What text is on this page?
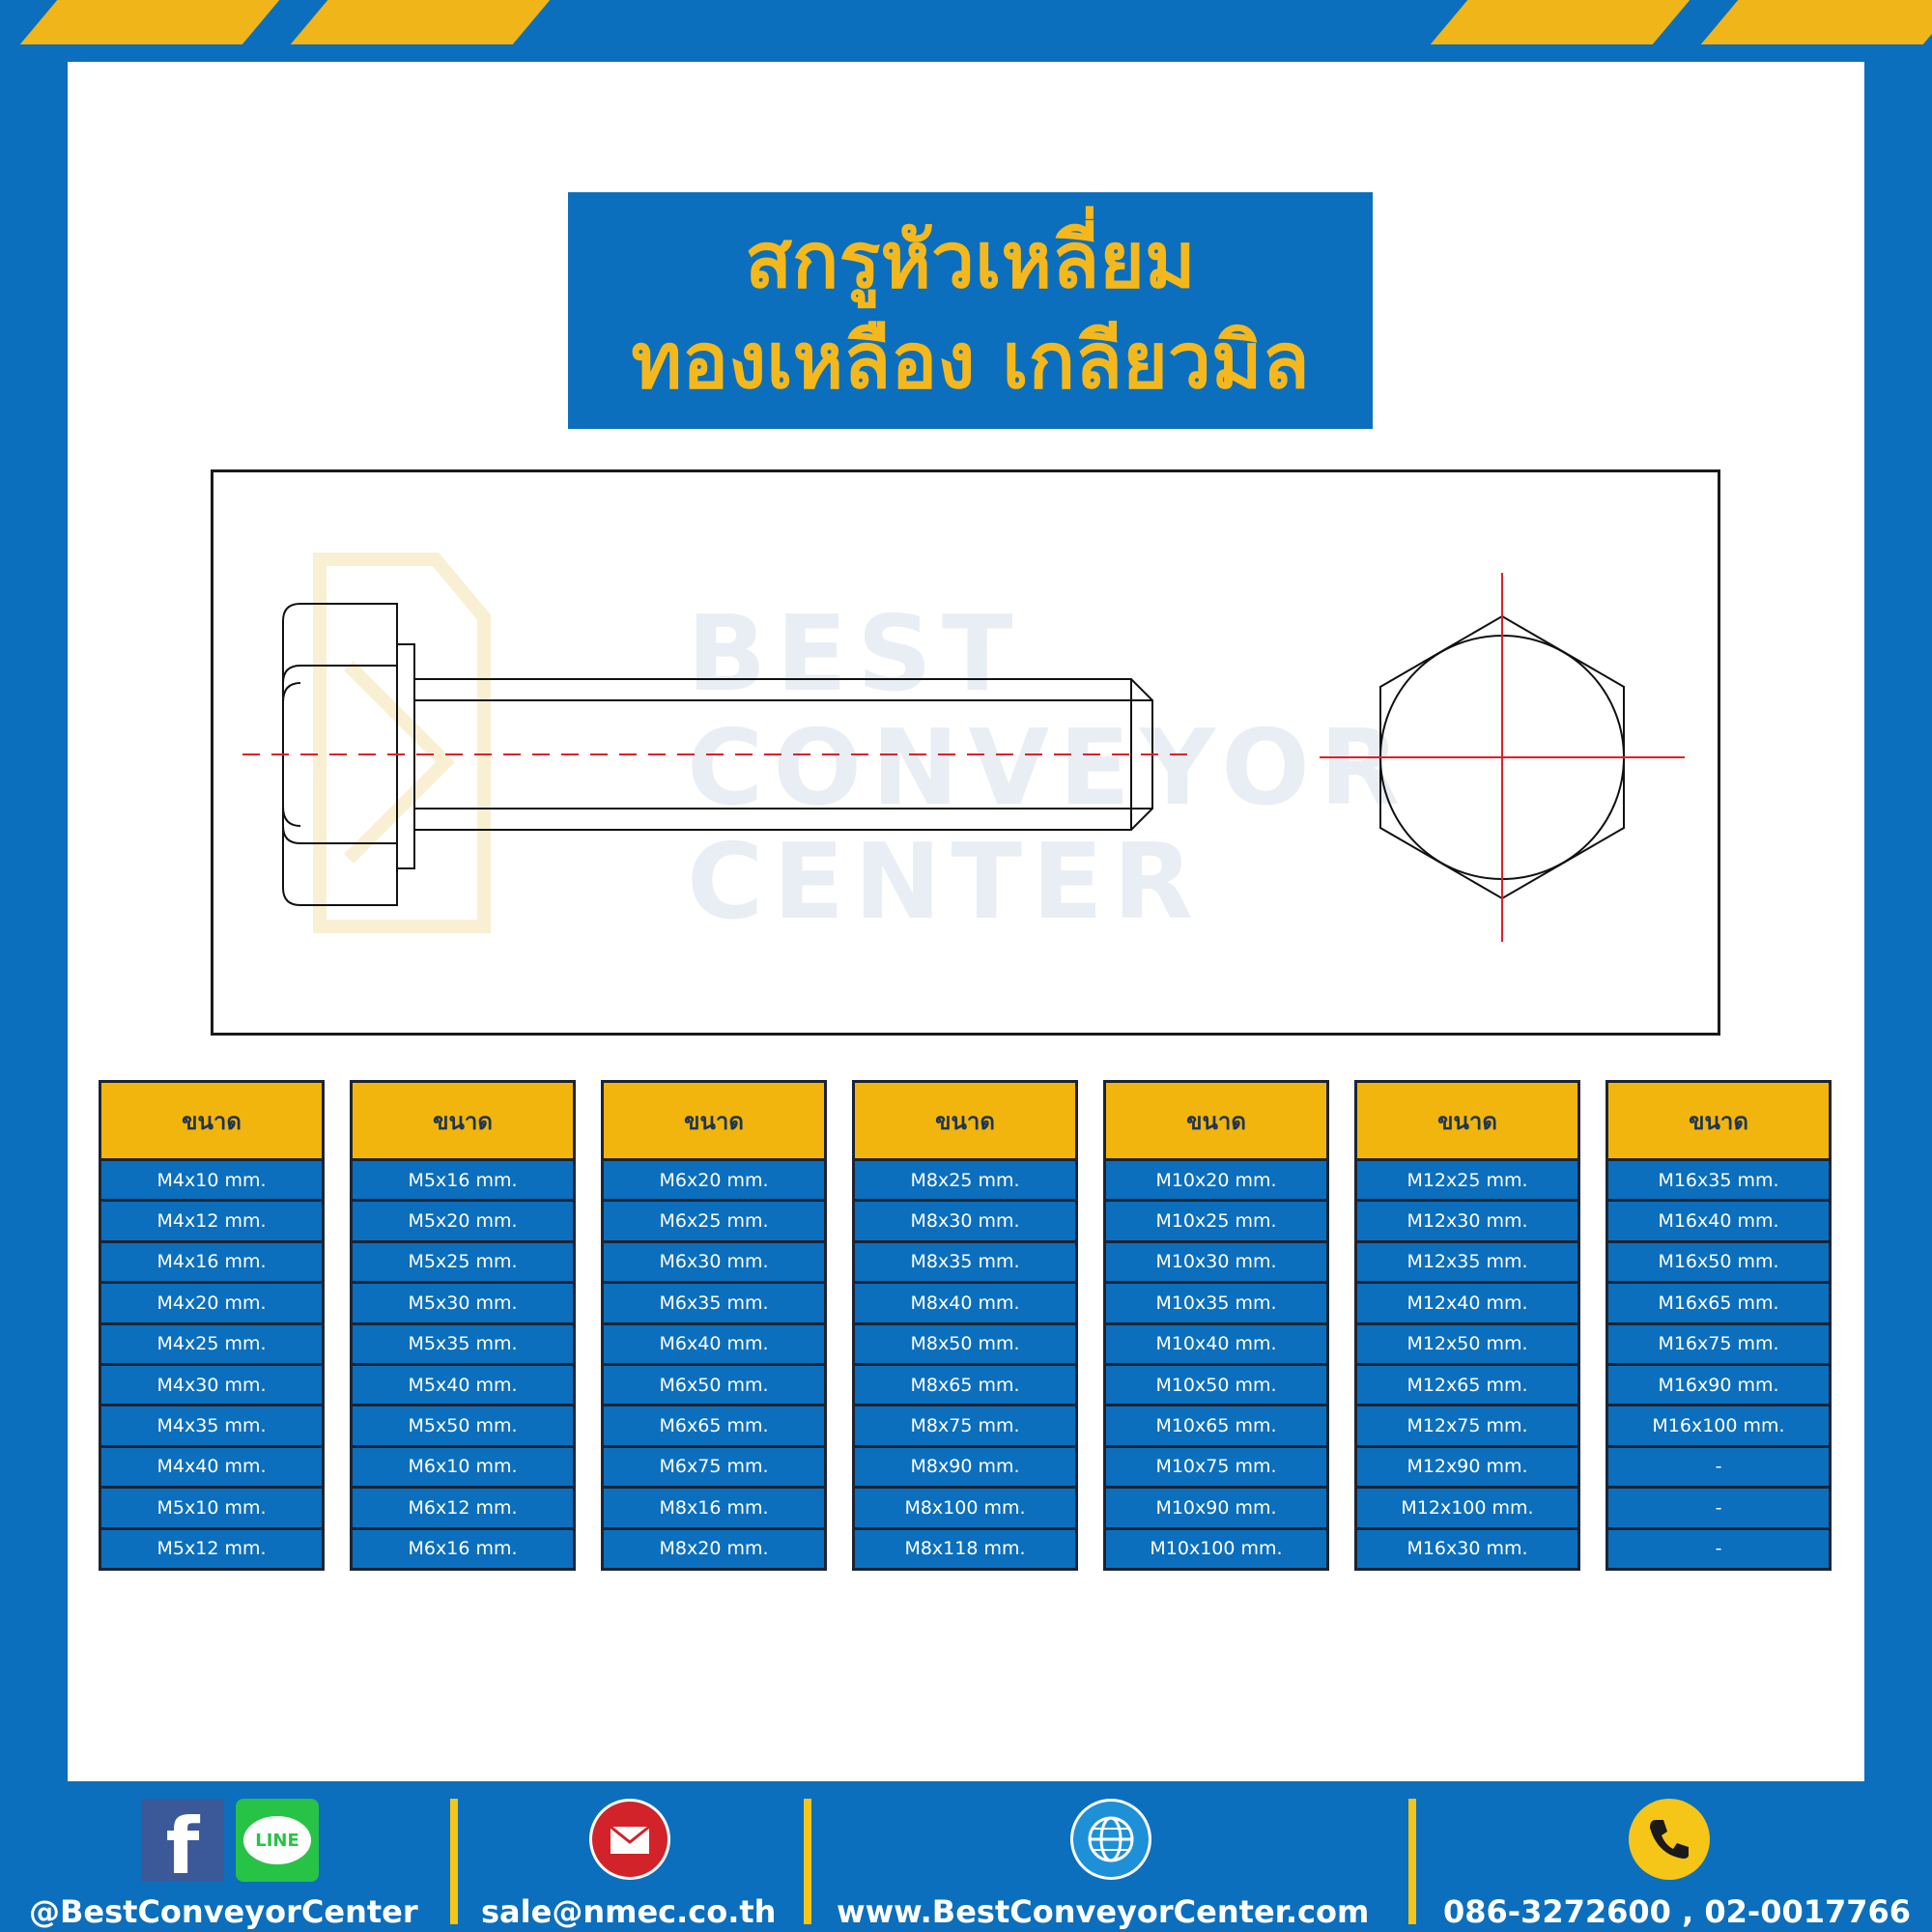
สกรูหัวเหลี่ยม
ทองเหลือง เกลียวมิล
BEST
CONVEYOR
CENTER
ขนาด
M4x10 mm.
M4x12 mm.
M4x16 mm.
M4x20 mm.
M4x25 mm.
M4x30 mm.
M4x35 mm.
M4x40 mm.
M5x10 mm.
M5x12 mm.
ขนาด
M5x16 mm.
M5x20 mm.
M5x25 mm.
M5x30 mm.
M5x35 mm.
M5x40 mm.
M5x50 mm.
M6x10 mm.
M6x12 mm.
M6x16 mm.
ขนาด
M6x20 mm.
M6x25 mm.
M6x30 mm.
M6x35 mm.
M6x40 mm.
M6x50 mm.
M6x65 mm.
M6x75 mm.
M8x16 mm.
M8x20 mm.
ขนาด
M8x25 mm.
M8x30 mm.
M8x35 mm.
M8x40 mm.
M8x50 mm.
M8x65 mm.
M8x75 mm.
M8x90 mm.
M8x100 mm.
M8x118 mm.
ขนาด
M10x20 mm.
M10x25 mm.
M10x30 mm.
M10x35 mm.
M10x40 mm.
M10x50 mm.
M10x65 mm.
M10x75 mm.
M10x90 mm.
M10x100 mm.
ขนาด
M12x25 mm.
M12x30 mm.
M12x35 mm.
M12x40 mm.
M12x50 mm.
M12x65 mm.
M12x75 mm.
M12x90 mm.
M12x100 mm.
M16x30 mm.
ขนาด
M16x35 mm.
M16x40 mm.
M16x50 mm.
M16x65 mm.
M16x75 mm.
M16x90 mm.
M16x100 mm.
-
-
-
f	LINE
@BestConveyorCenter sale@nmec.co.th www.BestConveyorCenter.com 086-3272600 , 02-0017766
